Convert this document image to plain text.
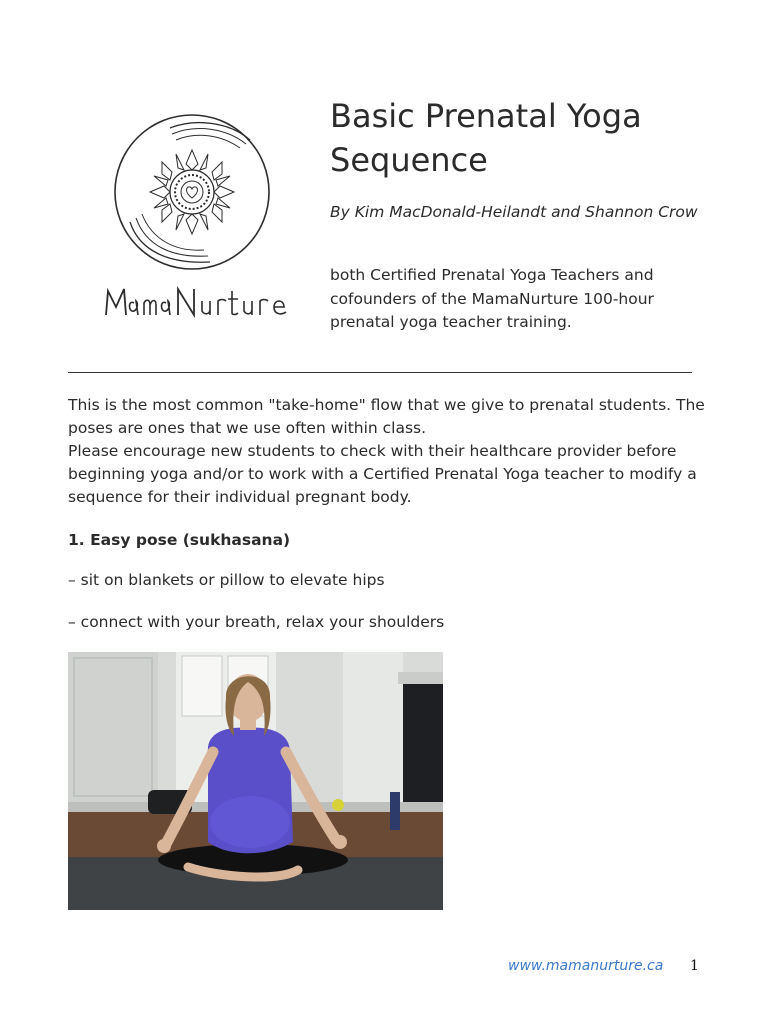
Basic Prenatal Yoga Sequence

By Kim MacDonald-Heilandt and Shannon Crow

both Certified Prenatal Yoga Teachers and cofounders of the MamaNurture 100-hour prenatal yoga teacher training.

This is the most common "take-home" flow that we give to prenatal students. The poses are ones that we use often within class.
Please encourage new students to check with their healthcare provider before beginning yoga and/or to work with a Certified Prenatal Yoga teacher to modify a sequence for their individual pregnant body.

1. Easy pose (sukhasana)

– sit on blankets or pillow to elevate hips

– connect with your breath, relax your shoulders

www.mamanurture.ca 1
